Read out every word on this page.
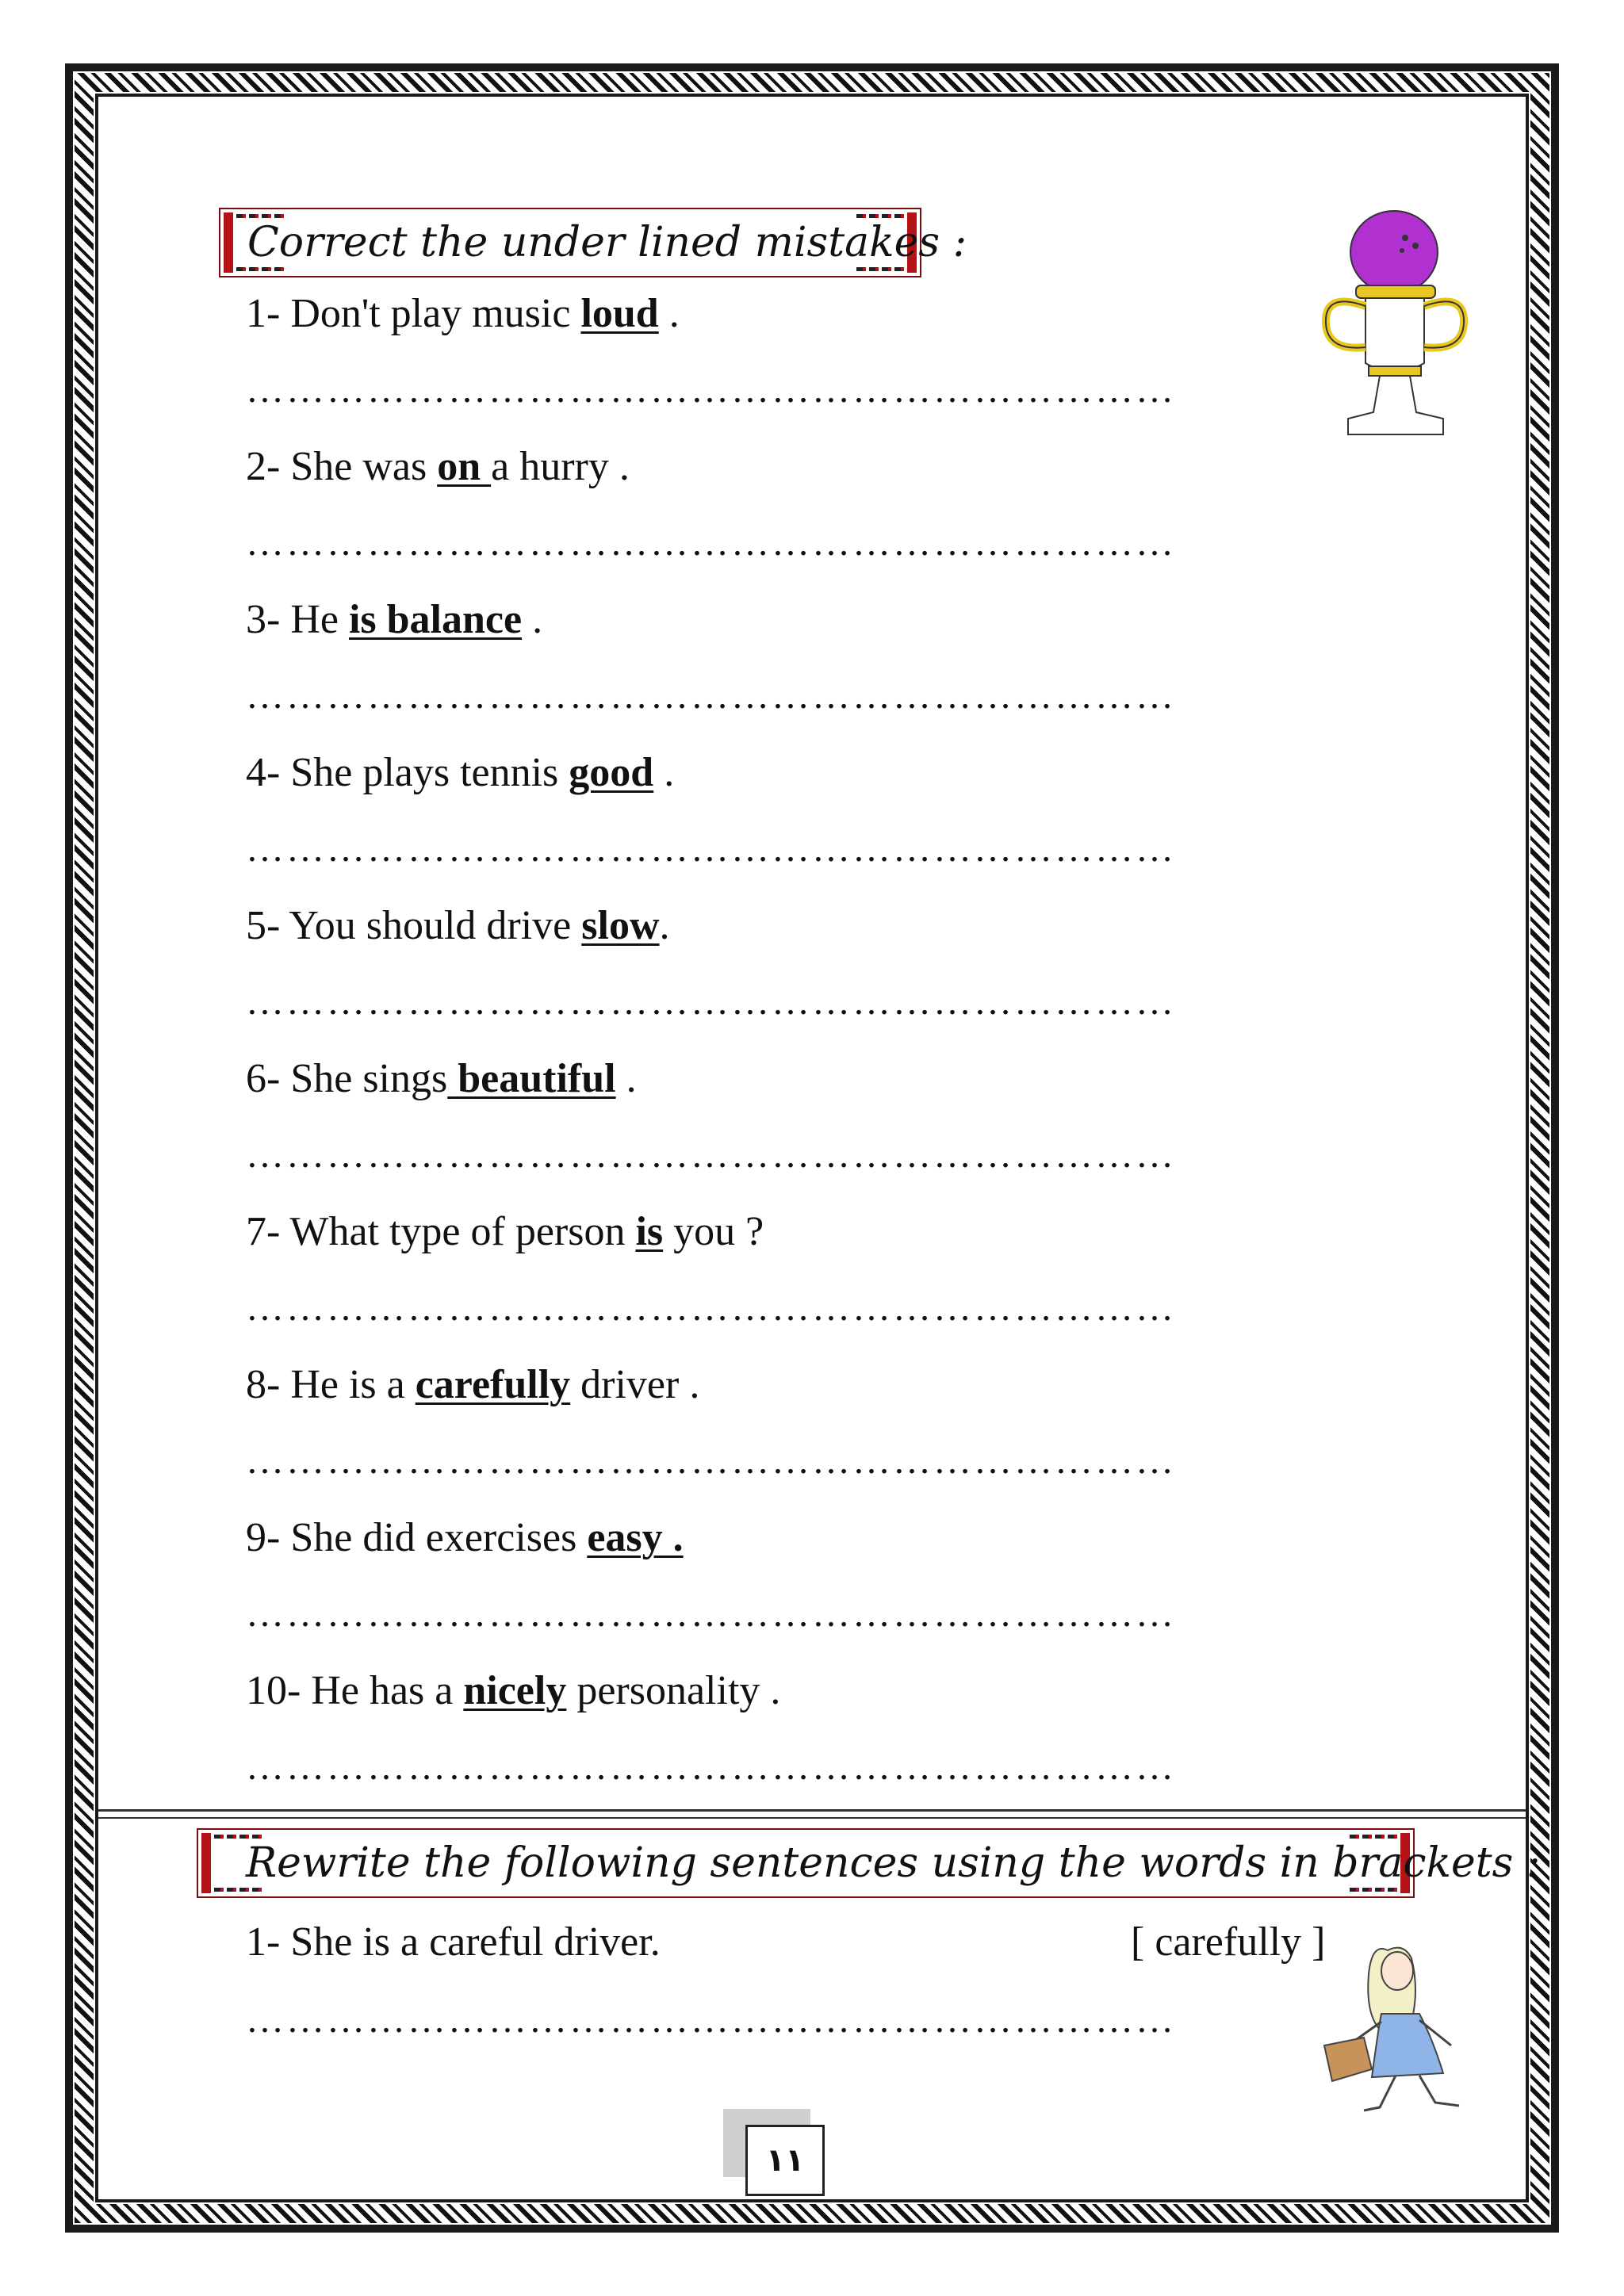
Correct the under lined mistakes :
1- Don't play music loud .
……………………………………………………………
2- She was on a hurry .
……………………………………………………………
3- He is balance .
……………………………………………………………
4- She plays tennis good .
……………………………………………………………
5- You should drive slow.
……………………………………………………………
6- She sings beautiful .
……………………………………………………………
7- What type of person is you ?
……………………………………………………………
8- He is a carefully driver .
……………………………………………………………
9- She did exercises easy .
……………………………………………………………
10- He has a nicely personality .
……………………………………………………………
Rewrite the following sentences using the words in brackets :
1- She is a careful driver.	[ carefully ]
……………………………………………………………
١١
